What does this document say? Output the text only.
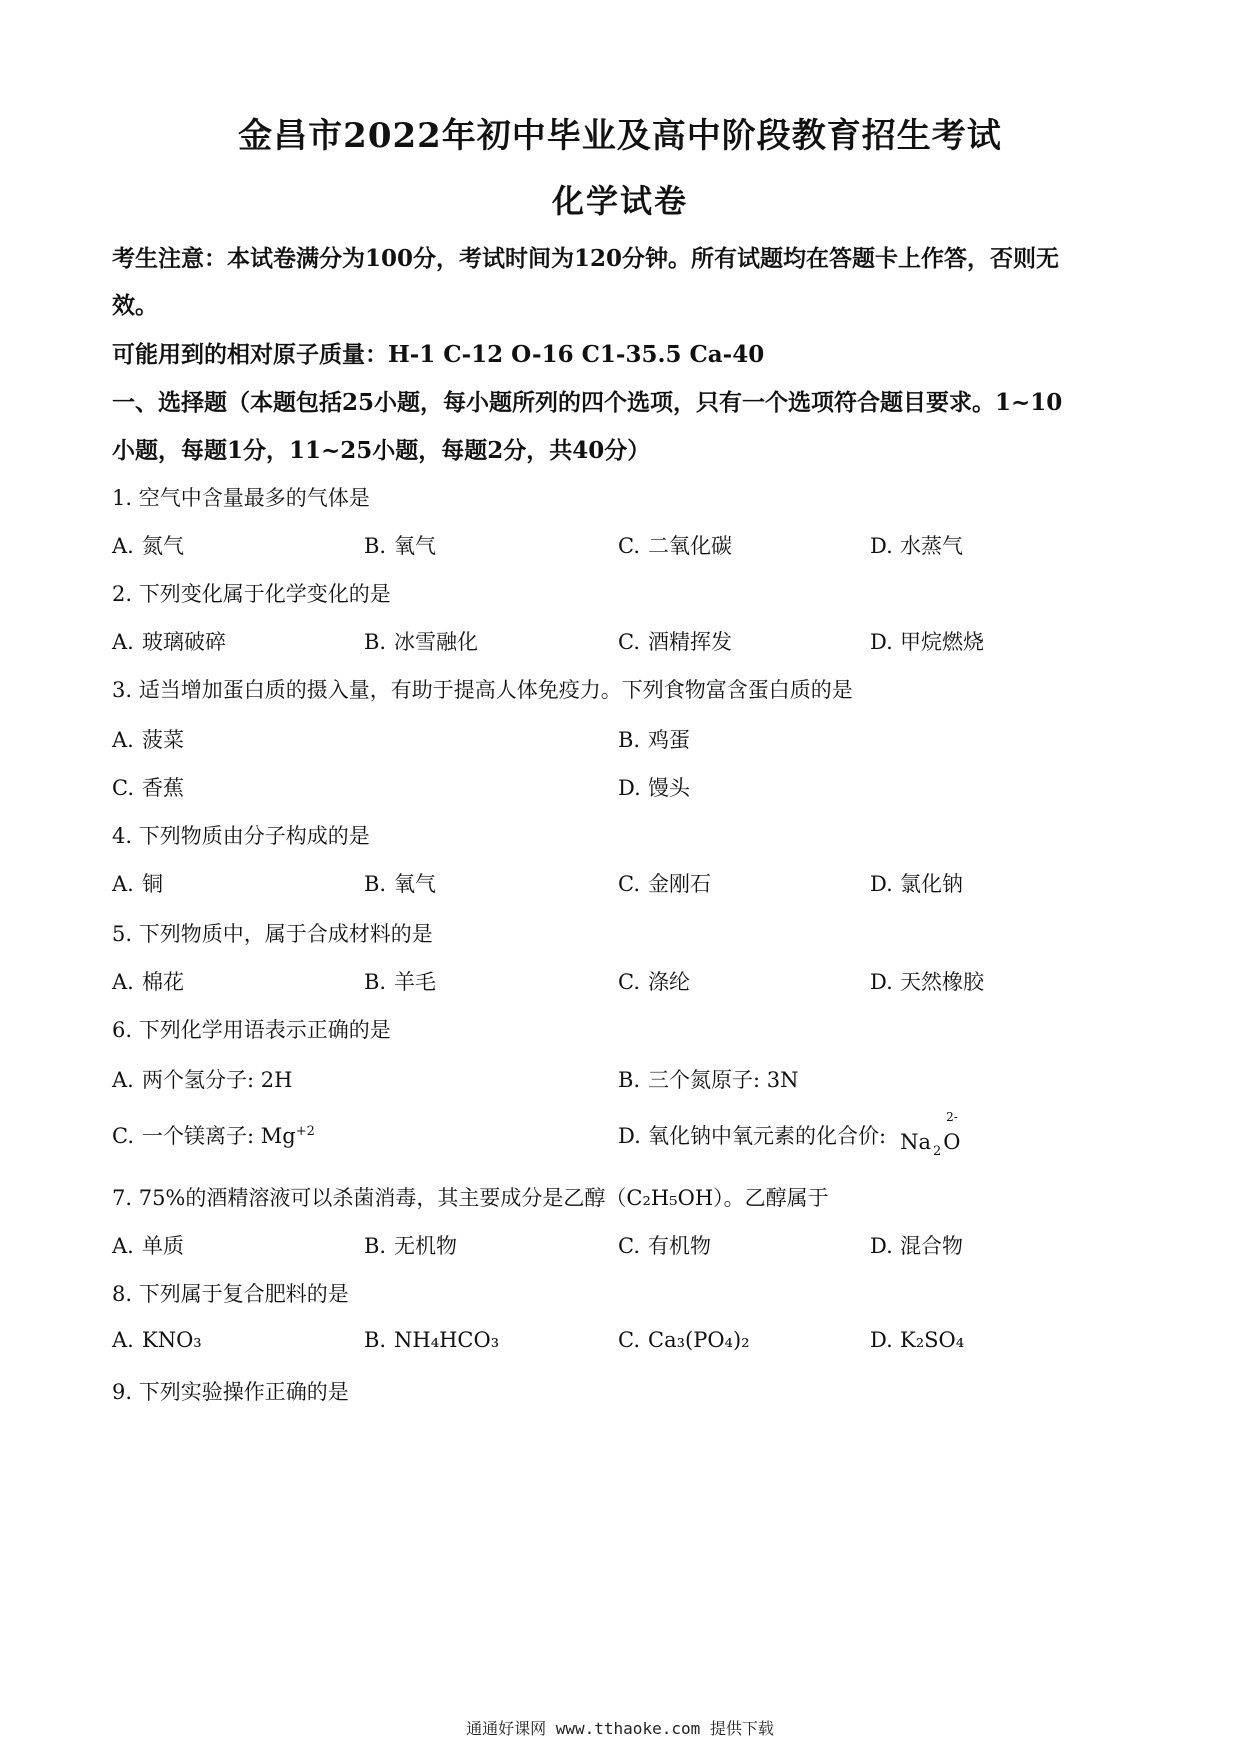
金昌市2022年初中毕业及高中阶段教育招生考试
化学试卷
考生注意：本试卷满分为100分，考试时间为120分钟。所有试题均在答题卡上作答，否则无
效。
可能用到的相对原子质量：H-1 C-12 O-16 C1-35.5 Ca-40
一、选择题（本题包括25小题，每小题所列的四个选项，只有一个选项符合题目要求。1~10
小题，每题1分，11~25小题，每题2分，共40分）
1. 空气中含量最多的气体是
A. 氮气	B. 氧气	C. 二氧化碳	D. 水蒸气
2. 下列变化属于化学变化的是
A. 玻璃破碎	B. 冰雪融化	C. 酒精挥发	D. 甲烷燃烧
3. 适当增加蛋白质的摄入量，有助于提高人体免疫力。下列食物富含蛋白质的是
A. 菠菜	B. 鸡蛋
C. 香蕉	D. 馒头
4. 下列物质由分子构成的是
A. 铜	B. 氧气	C. 金刚石	D. 氯化钠
5. 下列物质中，属于合成材料的是
A. 棉花	B. 羊毛	C. 涤纶	D. 天然橡胶
6. 下列化学用语表示正确的是
A. 两个氢分子: 2H	B. 三个氮原子: 3N
C. 一个镁离子: $Mg^{+2}$	D. 氧化钠中氧元素的化合价: Na $_2$O
2-
7. 75%的酒精溶液可以杀菌消毒，其主要成分是乙醇（C₂H₅OH）。乙醇属于
A. 单质	B. 无机物	C. 有机物	D. 混合物
8. 下列属于复合肥料的是
A. KNO₃	B. NH₄HCO₃	C. Ca₃(PO₄)₂	D. K₂SO₄
9. 下列实验操作正确的是
通通好课网 www.tthaoke.com 提供下载
